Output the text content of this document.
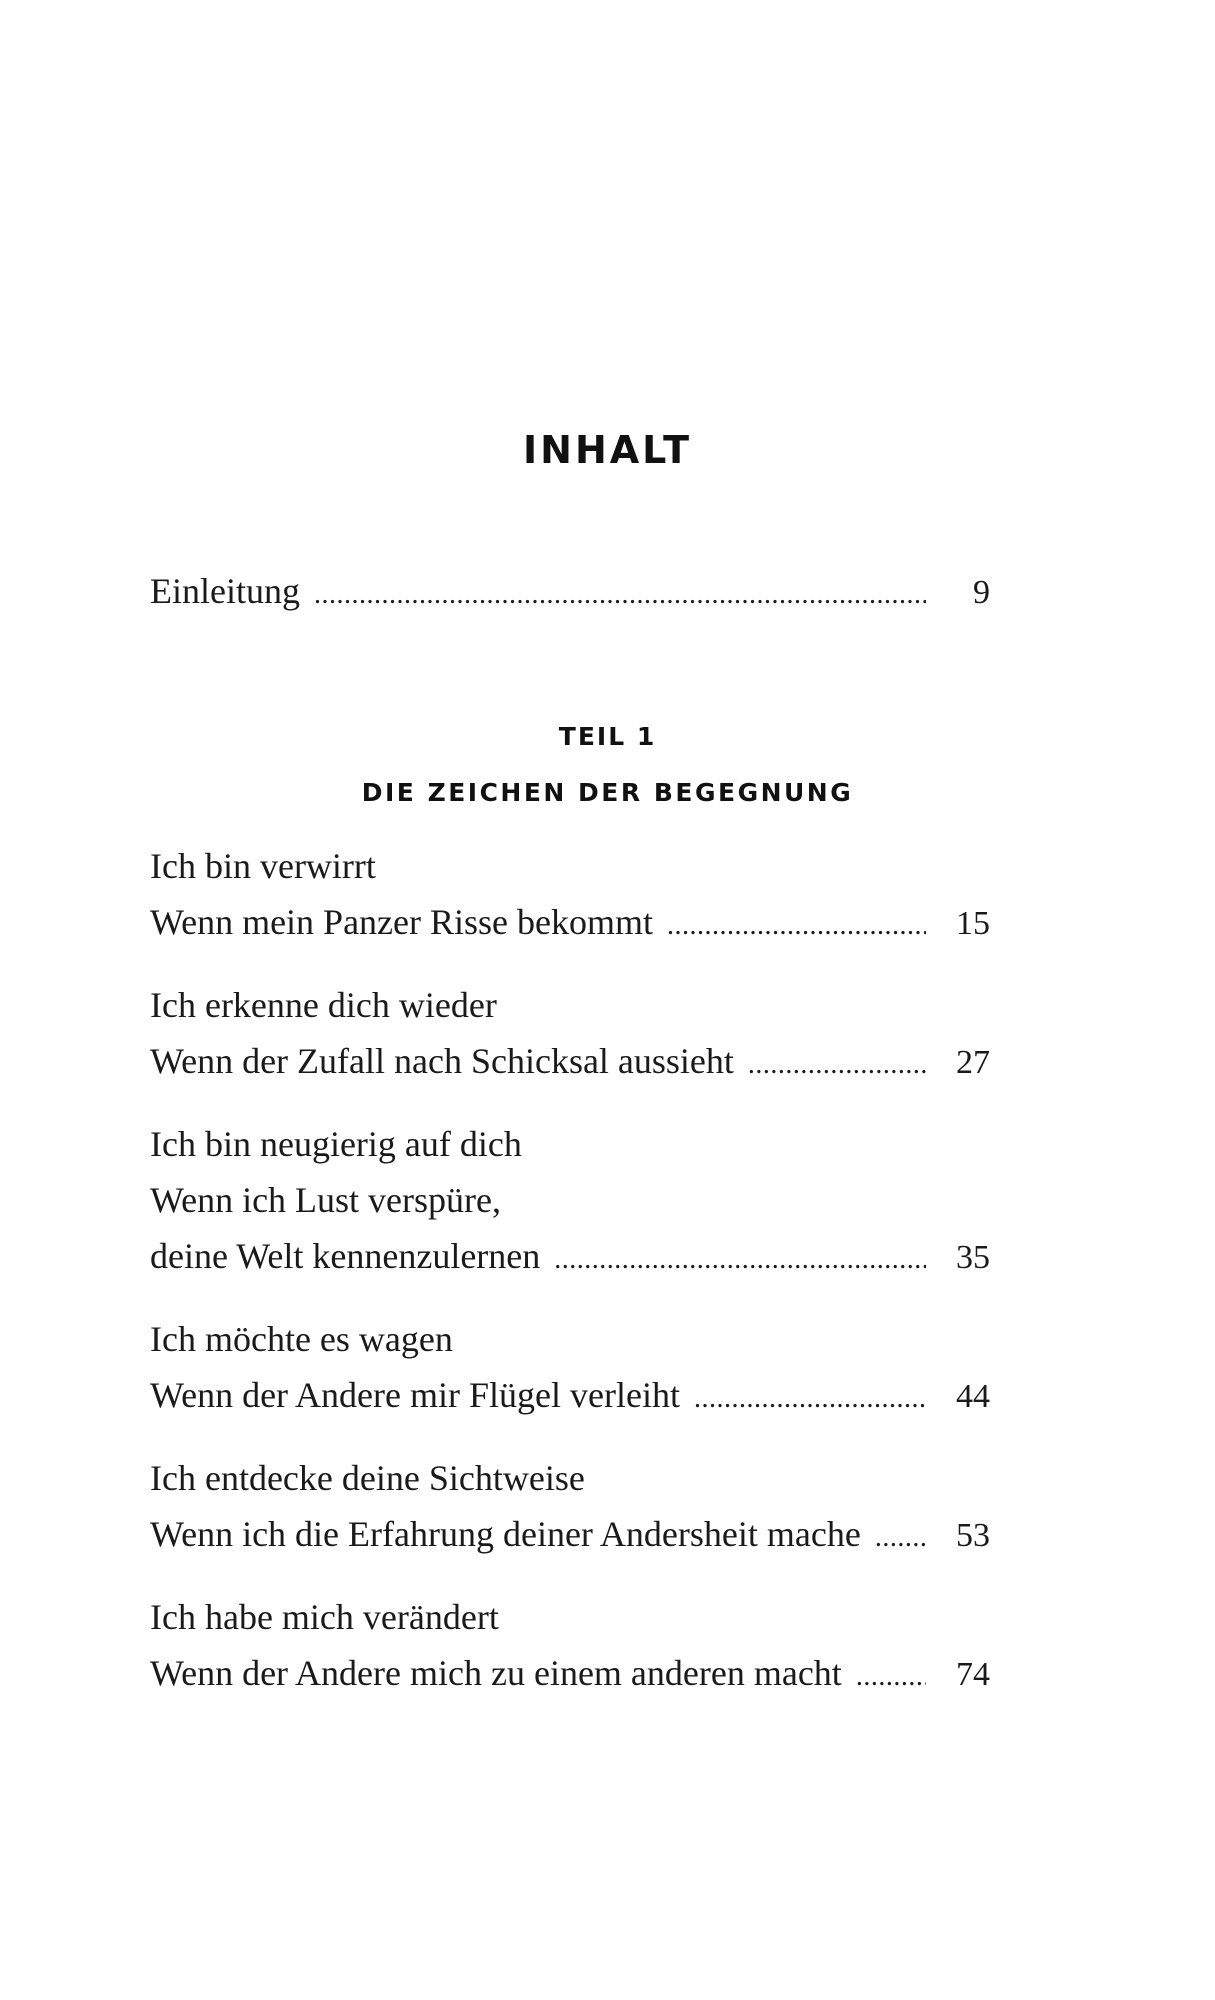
INHALT
Einleitung .....	9
TEIL 1
DIE ZEICHEN DER BEGEGNUNG
Ich bin verwirrt
Wenn mein Panzer Risse bekommt .....	15
Ich erkenne dich wieder
Wenn der Zufall nach Schicksal aussieht .....	27
Ich bin neugierig auf dich
Wenn ich Lust verspüre,
deine Welt kennenzulernen .....	35
Ich möchte es wagen
Wenn der Andere mir Flügel verleiht .....	44
Ich entdecke deine Sichtweise
Wenn ich die Erfahrung deiner Andersheit mache .....	53
Ich habe mich verändert
Wenn der Andere mich zu einem anderen macht .....	74
